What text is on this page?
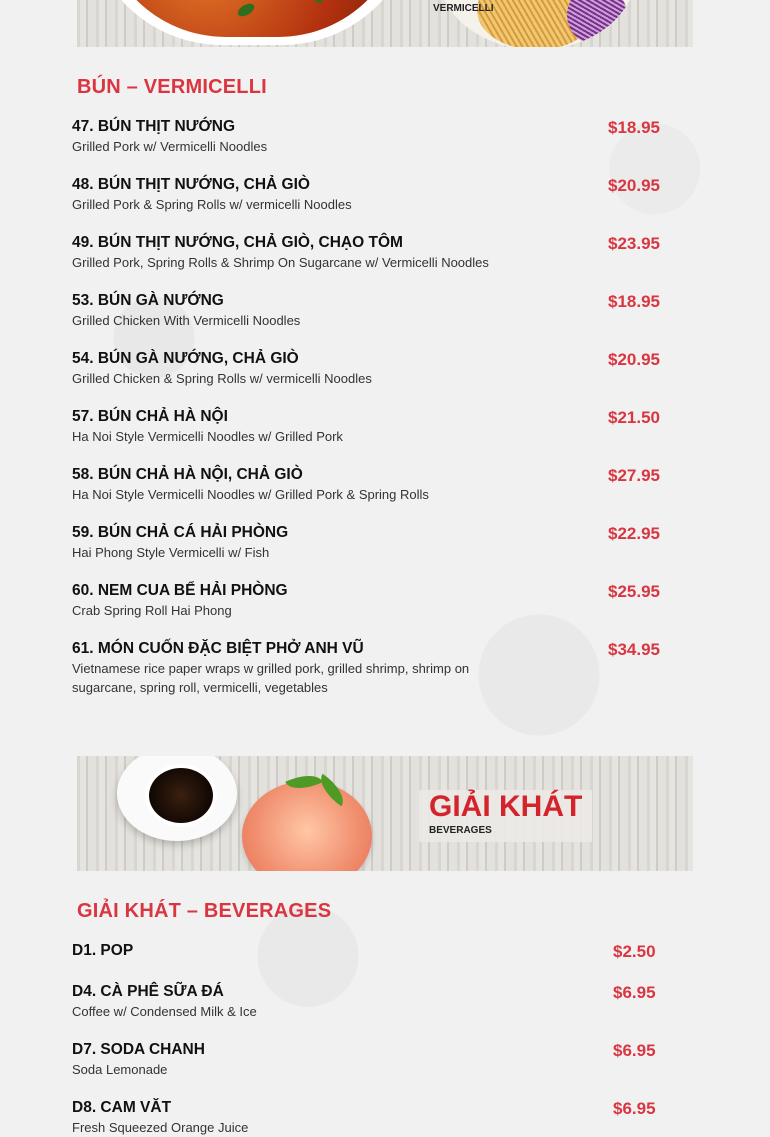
VERMICELLI
BÚN – VERMICELLI
47. BÚN THỊT NƯỚNG
Grilled Pork w/ Vermicelli Noodles
$18.95
48. BÚN THỊT NƯỚNG, CHẢ GIÒ
Grilled Pork & Spring Rolls w/ vermicelli Noodles
$20.95
49. BÚN THỊT NƯỚNG, CHẢ GIÒ, CHẠO TÔM
Grilled Pork, Spring Rolls & Shrimp On Sugarcane w/ Vermicelli Noodles
$23.95
53. BÚN GÀ NƯỚNG
Grilled Chicken With Vermicelli Noodles
$18.95
54. BÚN GÀ NƯỚNG, CHẢ GIÒ
Grilled Chicken & Spring Rolls w/ vermicelli Noodles
$20.95
57. BÚN CHẢ HÀ NỘI
Ha Noi Style Vermicelli Noodles w/ Grilled Pork
$21.50
58. BÚN CHẢ HÀ NỘI, CHẢ GIÒ
Ha Noi Style Vermicelli Noodles w/ Grilled Pork & Spring Rolls
$27.95
59. BÚN CHẢ CÁ HẢI PHÒNG
Hai Phong Style Vermicelli w/ Fish
$22.95
60. NEM CUA BỂ HẢI PHÒNG
Crab Spring Roll Hai Phong
$25.95
61. MÓN CUỐN ĐẶC BIỆT PHỞ ANH VŨ
Vietnamese rice paper wraps w grilled pork, grilled shrimp, shrimp on sugarcane, spring roll, vermicelli, vegetables
$34.95
GIẢI KHÁT
BEVERAGES
GIẢI KHÁT – BEVERAGES
D1. POP	$2.50
D4. CÀ PHÊ SỮA ĐÁ
Coffee w/ Condensed Milk & Ice
$6.95
D7. SODA CHANH
Soda Lemonade
$6.95
D8. CAM VĂT
Fresh Squeezed Orange Juice
$6.95
